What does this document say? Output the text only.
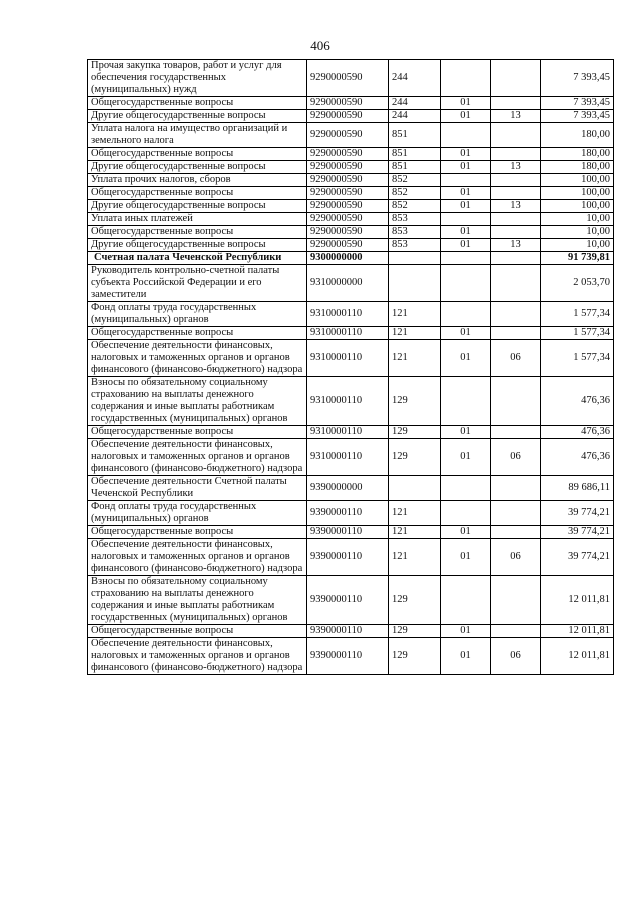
406
Прочая закупка товаров, работ и услуг для обеспечения государственных (муниципальных) нужд	9290000590	244			7 393,45
Общегосударственные вопросы	9290000590	244	01		7 393,45
Другие общегосударственные вопросы	9290000590	244	01	13	7 393,45
Уплата налога на имущество организаций и земельного налога	9290000590	851			180,00
Общегосударственные вопросы	9290000590	851	01		180,00
Другие общегосударственные вопросы	9290000590	851	01	13	180,00
Уплата прочих налогов, сборов	9290000590	852			100,00
Общегосударственные вопросы	9290000590	852	01		100,00
Другие общегосударственные вопросы	9290000590	852	01	13	100,00
Уплата иных платежей	9290000590	853			10,00
Общегосударственные вопросы	9290000590	853	01		10,00
Другие общегосударственные вопросы	9290000590	853	01	13	10,00
Счетная палата Чеченской Республики	9300000000				91 739,81
Руководитель контрольно-счетной палаты субъекта Российской Федерации и его заместители	9310000000				2 053,70
Фонд оплаты труда государственных (муниципальных) органов	9310000110	121			1 577,34
Общегосударственные вопросы	9310000110	121	01		1 577,34
Обеспечение деятельности финансовых, налоговых и таможенных органов и органов финансового (финансово-бюджетного) надзора	9310000110	121	01	06	1 577,34
Взносы по обязательному социальному страхованию на выплаты денежного содержания и иные выплаты работникам государственных (муниципальных) органов	9310000110	129			476,36
Общегосударственные вопросы	9310000110	129	01		476,36
Обеспечение деятельности финансовых, налоговых и таможенных органов и органов финансового (финансово-бюджетного) надзора	9310000110	129	01	06	476,36
Обеспечение деятельности Счетной палаты Чеченской Республики	9390000000				89 686,11
Фонд оплаты труда государственных (муниципальных) органов	9390000110	121			39 774,21
Общегосударственные вопросы	9390000110	121	01		39 774,21
Обеспечение деятельности финансовых, налоговых и таможенных органов и органов финансового (финансово-бюджетного) надзора	9390000110	121	01	06	39 774,21
Взносы по обязательному социальному страхованию на выплаты денежного содержания и иные выплаты работникам государственных (муниципальных) органов	9390000110	129			12 011,81
Общегосударственные вопросы	9390000110	129	01		12 011,81
Обеспечение деятельности финансовых, налоговых и таможенных органов и органов финансового (финансово-бюджетного) надзора	9390000110	129	01	06	12 011,81
